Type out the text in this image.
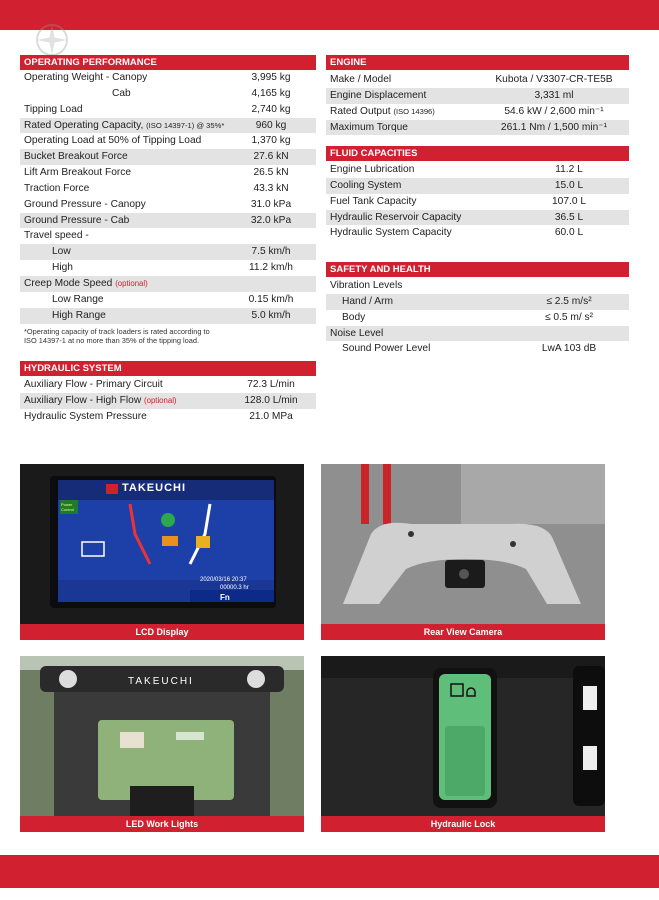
OPERATING PERFORMANCE
Operating Weight - Canopy	3,995 kg
Cab	4,165 kg
Tipping Load	2,740 kg
Rated Operating Capacity, (ISO 14397-1) @ 35%*	960 kg
Operating Load at 50% of Tipping Load	1,370 kg
Bucket Breakout Force	27.6 kN
Lift Arm Breakout Force	26.5 kN
Traction Force	43.3 kN
Ground Pressure - Canopy	31.0 kPa
Ground Pressure - Cab	32.0 kPa
Travel speed -
Low	7.5 km/h
High	11.2 km/h
Creep Mode Speed (optional)
Low Range	0.15 km/h
High Range	5.0 km/h
*Operating capacity of track loaders is rated according to
ISO 14397-1 at no more than 35% of the tipping load.
HYDRAULIC SYSTEM
Auxiliary Flow - Primary Circuit	72.3 L/min
Auxiliary Flow - High Flow (optional)	128.0 L/min
Hydraulic System Pressure	21.0 MPa
ENGINE
Make / Model	Kubota / V3307-CR-TE5B
Engine Displacement	3,331 ml
Rated Output (ISO 14396)	54.6 kW / 2,600 min⁻¹
Maximum Torque	261.1 Nm / 1,500 min⁻¹
FLUID CAPACITIES
Engine Lubrication	11.2 L
Cooling System	15.0 L
Fuel Tank Capacity	107.0 L
Hydraulic Reservoir Capacity	36.5 L
Hydraulic System Capacity	60.0 L
SAFETY AND HEALTH
Vibration Levels
Hand / Arm	≤ 2.5 m/s²
Body	≤ 0.5 m/ s²
Noise Level
Sound Power Level	LwA 103 dB
TAKEUCHI
Power Control
2020/03/16 20:37
00000.3 hr
Fn
LCD Display	Rear View Camera
TAKEUCHI
LED Work Lights	Hydraulic Lock
